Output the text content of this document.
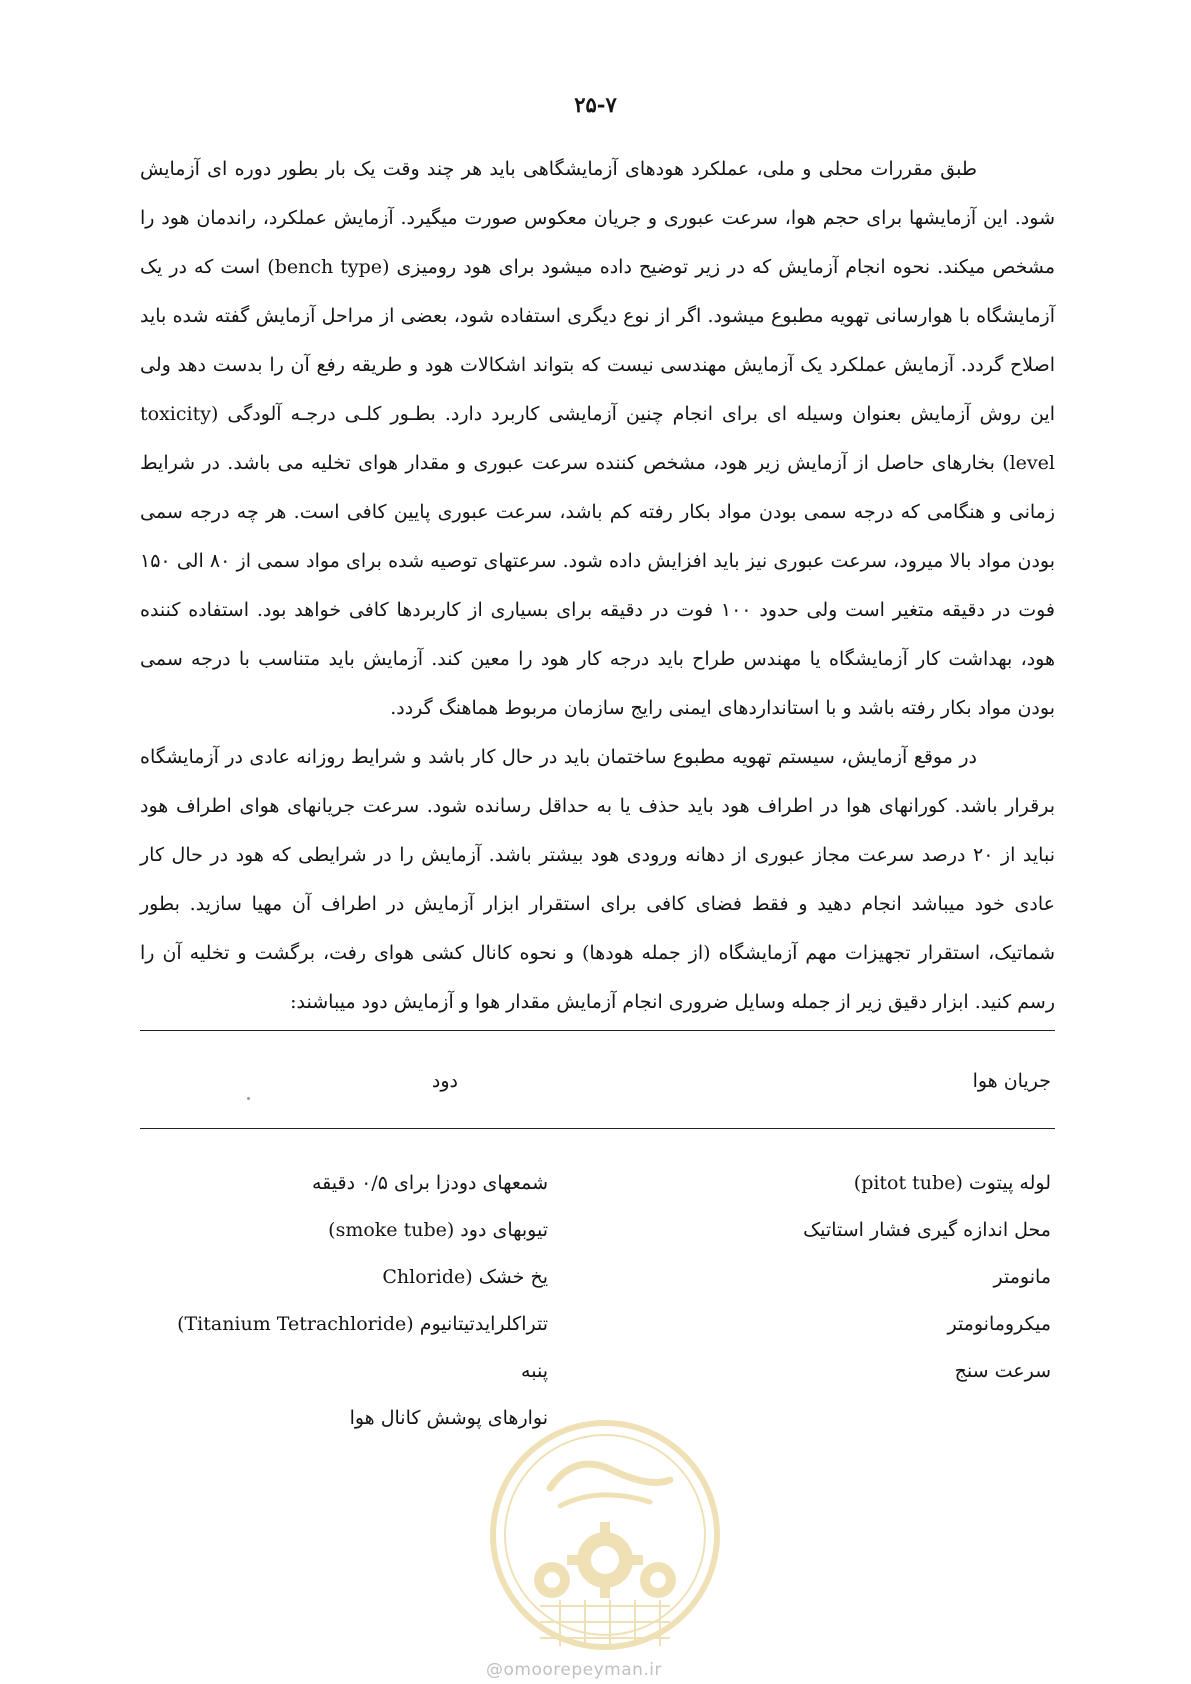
۲۵-۷

طبق مقررات محلی و ملی، عملکرد هودهای آزمایشگاهی باید هر چند وقت یک بار بطور دوره ای آزمایش شود. این آزمایشها برای حجم هوا، سرعت عبوری و جریان معکوس صورت میگیرد. آزمایش عملکرد، راندمان هود را مشخص میکند. نحوه انجام آزمایش که در زیر توضیح داده میشود برای هود رومیزی (bench type) است که در یک آزمایشگاه با هوارسانی تهویه مطبوع میشود. اگر از نوع دیگری استفاده شود، بعضی از مراحل آزمایش گفته شده باید اصلاح گردد. آزمایش عملکرد یک آزمایش مهندسی نیست که بتواند اشکالات هود و طریقه رفع آن را بدست دهد ولی این روش آزمایش بعنوان وسیله ای برای انجام چنین آزمایشی کاربرد دارد. بطـور کلـی درجـه آلودگی (toxicity level) بخارهای حاصل از آزمایش زیر هود، مشخص کننده سرعت عبوری و مقدار هوای تخلیه می باشد. در شرایط زمانی و هنگامی که درجه سمی بودن مواد بکار رفته کم باشد، سرعت عبوری پایین کافی است. هر چه درجه سمی بودن مواد بالا میرود، سرعت عبوری نیز باید افزایش داده شود. سرعتهای توصیه شده برای مواد سمی از ۸۰ الی ۱۵۰ فوت در دقیقه متغیر است ولی حدود ۱۰۰ فوت در دقیقه برای بسیاری از کاربردها کافی خواهد بود. استفاده کننده هود، بهداشت کار آزمایشگاه یا مهندس طراح باید درجه کار هود را معین کند. آزمایش باید متناسب با درجه سمی بودن مواد بکار رفته باشد و با استانداردهای ایمنی رایج سازمان مربوط هماهنگ گردد.

در موقع آزمایش، سیستم تهویه مطبوع ساختمان باید در حال کار باشد و شرایط روزانه عادی در آزمایشگاه برقرار باشد. کورانهای هوا در اطراف هود باید حذف یا به حداقل رسانده شود. سرعت جریانهای هوای اطراف هود نباید از ۲۰ درصد سرعت مجاز عبوری از دهانه ورودی هود بیشتر باشد. آزمایش را در شرایطی که هود در حال کار عادی خود میباشد انجام دهید و فقط فضای کافی برای استقرار ابزار آزمایش در اطراف آن مهیا سازید. بطور شماتیک، استقرار تجهیزات مهم آزمایشگاه (از جمله هودها) و نحوه کانال کشی هوای رفت، برگشت و تخلیه آن را رسم کنید. ابزار دقیق زیر از جمله وسایل ضروری انجام آزمایش مقدار هوا و آزمایش دود میباشند:

جریان هوا
دود
لوله پیتوت (pitot tube)
محل اندازه گیری فشار استاتیک
مانومتر
میکرومانومتر
سرعت سنج
شمعهای دودزا برای ۰/۵ دقیقه
تیوبهای دود (smoke tube)
یخ خشک (Chloride
تتراکلرایدتیتانیوم (Titanium Tetrachloride)
پنبه
نوارهای پوشش کانال هوا
@omoorepeyman.ir
